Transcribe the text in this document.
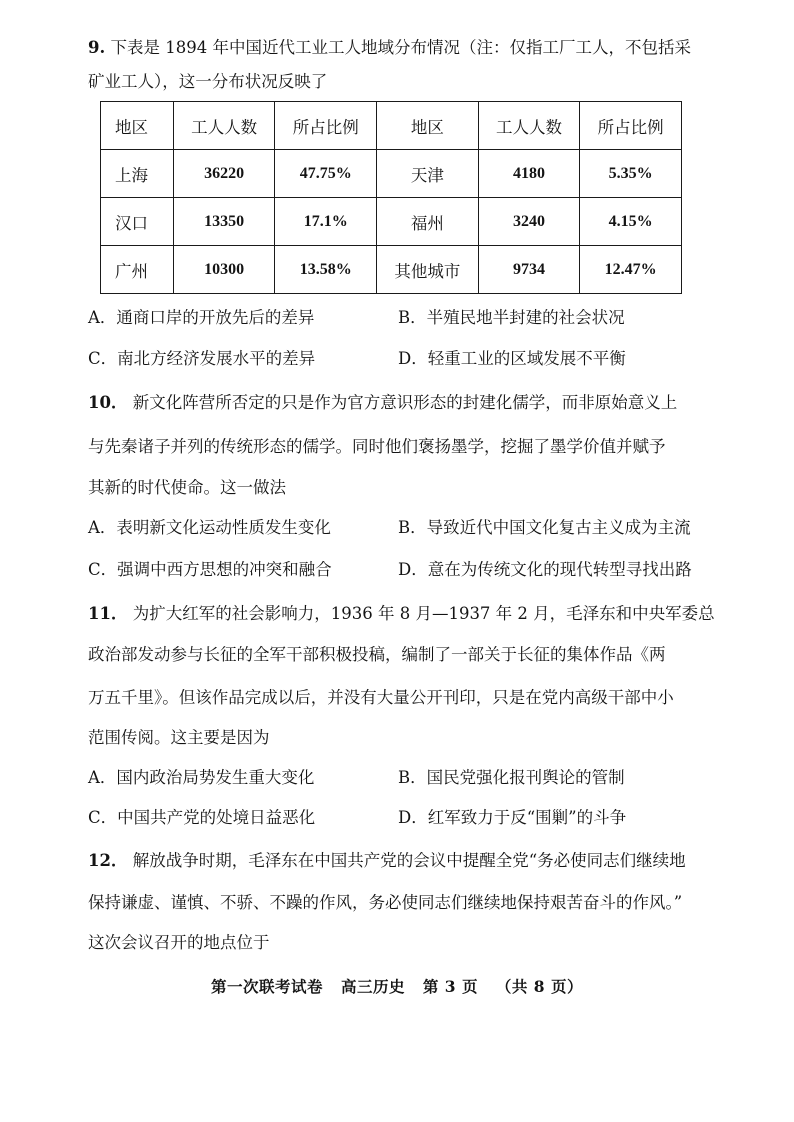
9. 下表是 1894 年中国近代工业工人地域分布情况（注：仅指工厂工人，不包括采
矿业工人），这一分布状况反映了
地区	工人人数	所占比例	地区	工人人数	所占比例
上海	36220	47.75%	天津	4180	5.35%
汉口	13350	17.1%	福州	3240	4.15%
广州	10300	13.58%	其他城市	9734	12.47%
A．通商口岸的开放先后的差异	B．半殖民地半封建的社会状况
C．南北方经济发展水平的差异	D．轻重工业的区域发展不平衡
10． 新文化阵营所否定的只是作为官方意识形态的封建化儒学，而非原始意义上
与先秦诸子并列的传统形态的儒学。同时他们褒扬墨学，挖掘了墨学价值并赋予
其新的时代使命。这一做法
A．表明新文化运动性质发生变化	B．导致近代中国文化复古主义成为主流
C．强调中西方思想的冲突和融合	D．意在为传统文化的现代转型寻找出路
11． 为扩大红军的社会影响力，1936 年 8 月—1937 年 2 月，毛泽东和中央军委总
政治部发动参与长征的全军干部积极投稿，编制了一部关于长征的集体作品《两
万五千里》。但该作品完成以后，并没有大量公开刊印，只是在党内高级干部中小
范围传阅。这主要是因为
A．国内政治局势发生重大变化	B．国民党强化报刊舆论的管制
C．中国共产党的处境日益恶化	D．红军致力于反“围剿”的斗争
12． 解放战争时期，毛泽东在中国共产党的会议中提醒全党“务必使同志们继续地
保持谦虚、谨慎、不骄、不躁的作风，务必使同志们继续地保持艰苦奋斗的作风。”
这次会议召开的地点位于
第一次联考试卷 高三历史 第 3 页 （共 8 页）
